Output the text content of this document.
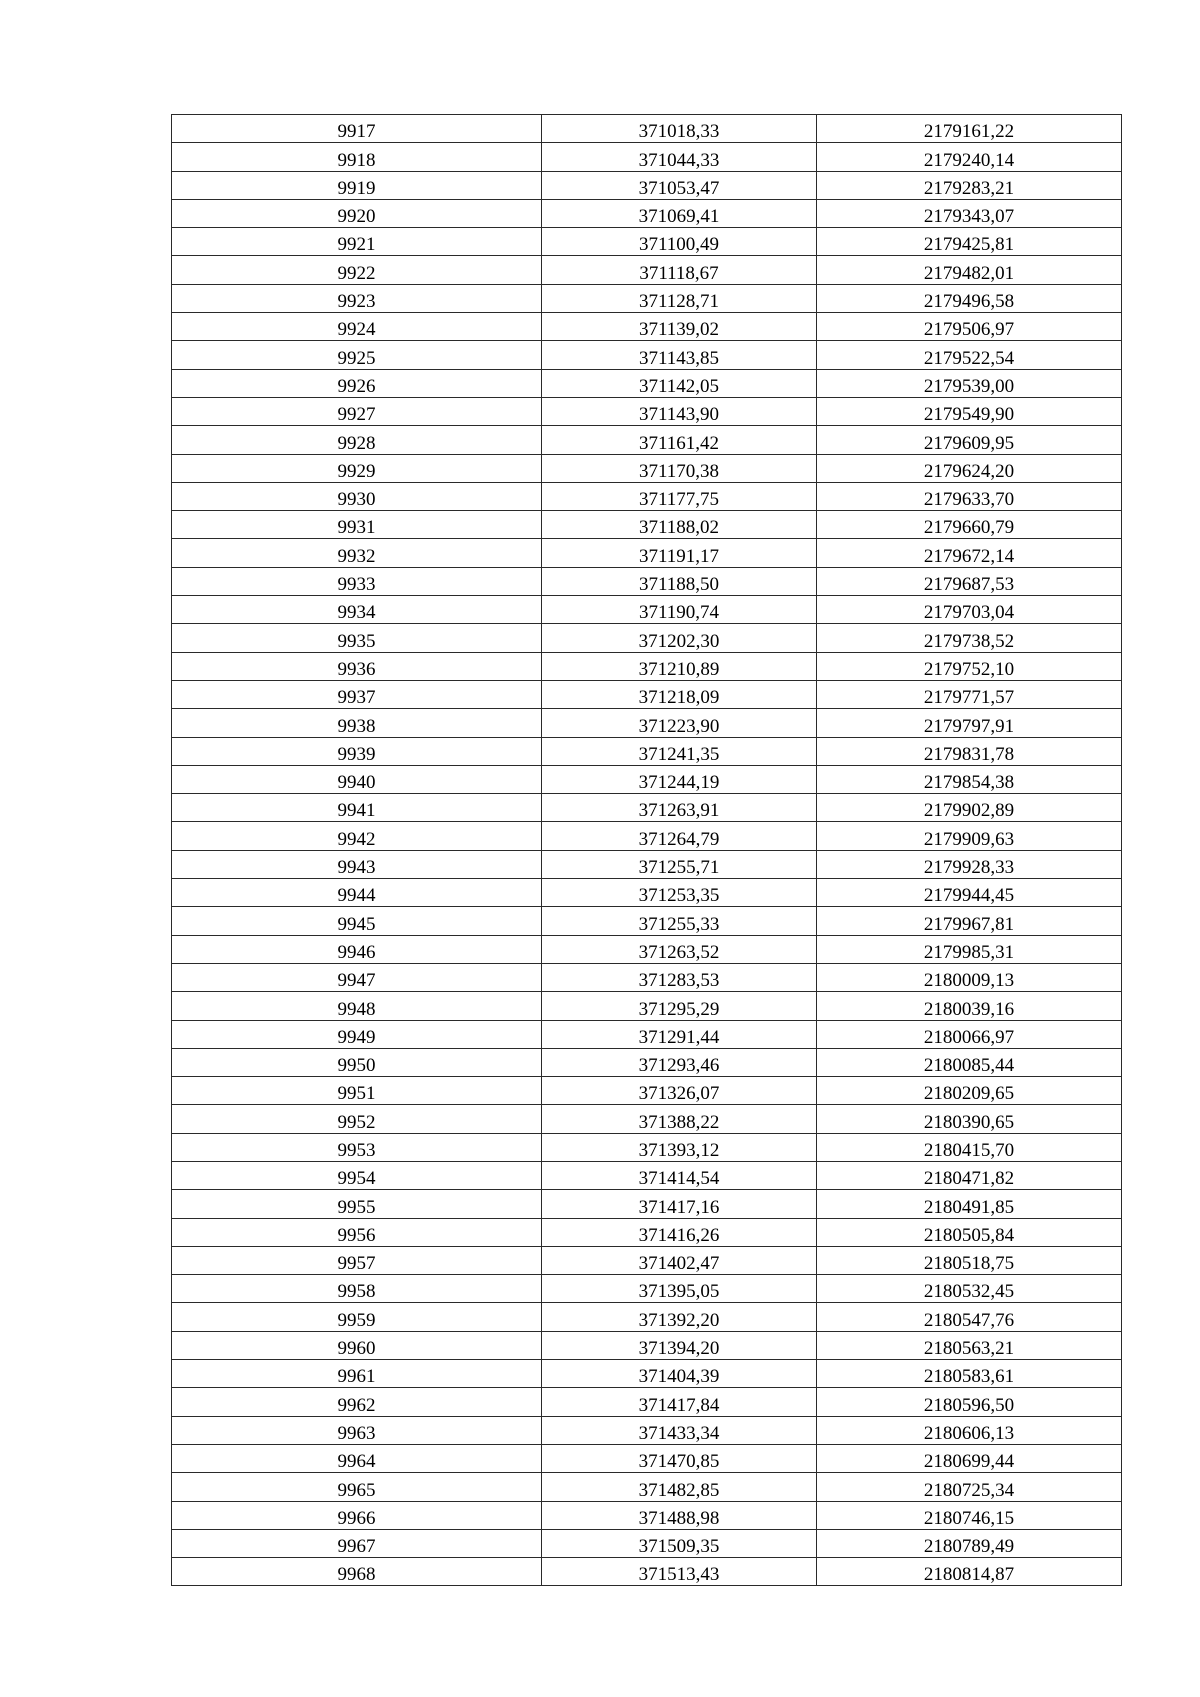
9917	371018,33	2179161,22
9918	371044,33	2179240,14
9919	371053,47	2179283,21
9920	371069,41	2179343,07
9921	371100,49	2179425,81
9922	371118,67	2179482,01
9923	371128,71	2179496,58
9924	371139,02	2179506,97
9925	371143,85	2179522,54
9926	371142,05	2179539,00
9927	371143,90	2179549,90
9928	371161,42	2179609,95
9929	371170,38	2179624,20
9930	371177,75	2179633,70
9931	371188,02	2179660,79
9932	371191,17	2179672,14
9933	371188,50	2179687,53
9934	371190,74	2179703,04
9935	371202,30	2179738,52
9936	371210,89	2179752,10
9937	371218,09	2179771,57
9938	371223,90	2179797,91
9939	371241,35	2179831,78
9940	371244,19	2179854,38
9941	371263,91	2179902,89
9942	371264,79	2179909,63
9943	371255,71	2179928,33
9944	371253,35	2179944,45
9945	371255,33	2179967,81
9946	371263,52	2179985,31
9947	371283,53	2180009,13
9948	371295,29	2180039,16
9949	371291,44	2180066,97
9950	371293,46	2180085,44
9951	371326,07	2180209,65
9952	371388,22	2180390,65
9953	371393,12	2180415,70
9954	371414,54	2180471,82
9955	371417,16	2180491,85
9956	371416,26	2180505,84
9957	371402,47	2180518,75
9958	371395,05	2180532,45
9959	371392,20	2180547,76
9960	371394,20	2180563,21
9961	371404,39	2180583,61
9962	371417,84	2180596,50
9963	371433,34	2180606,13
9964	371470,85	2180699,44
9965	371482,85	2180725,34
9966	371488,98	2180746,15
9967	371509,35	2180789,49
9968	371513,43	2180814,87
